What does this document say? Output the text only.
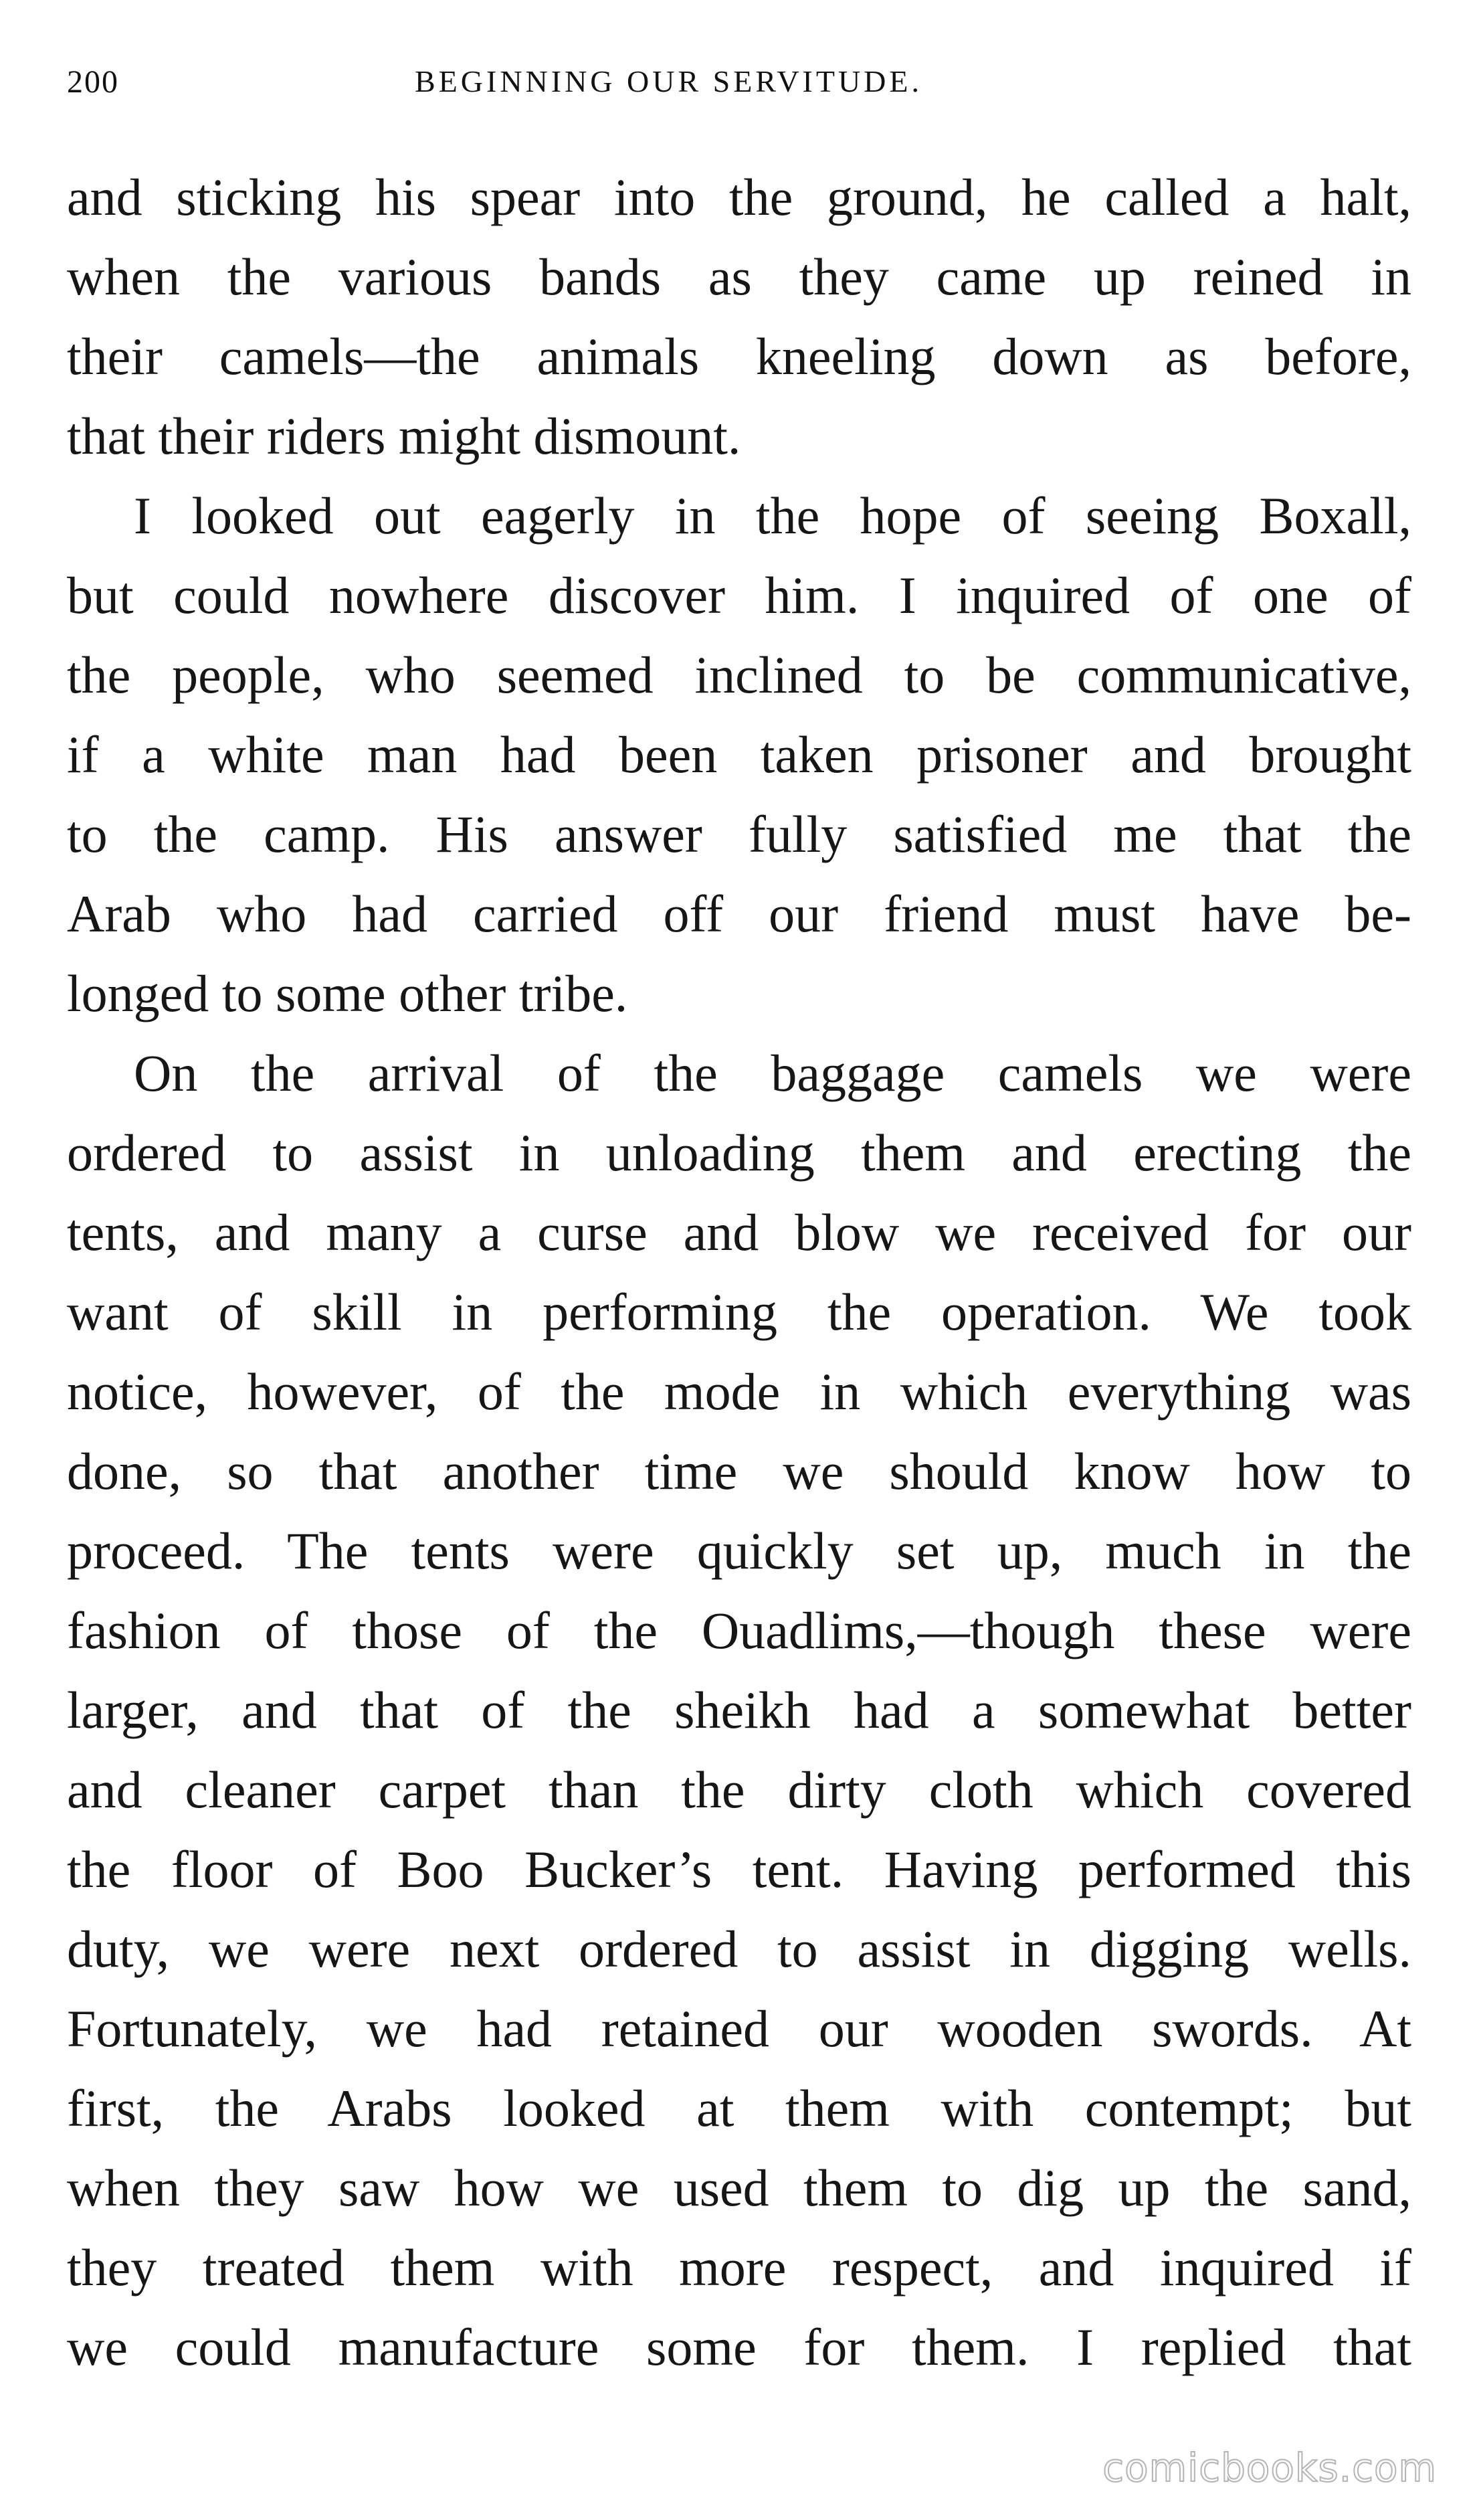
200	BEGINNING OUR SERVITUDE.
and sticking his spear into the ground, he called a halt,
when the various bands as they came up reined in
their camels—the animals kneeling down as before,
that their riders might dismount.
I looked out eagerly in the hope of seeing Boxall,
but could nowhere discover him. I inquired of one of
the people, who seemed inclined to be communicative,
if a white man had been taken prisoner and brought
to the camp. His answer fully satisfied me that the
Arab who had carried off our friend must have be-
longed to some other tribe.
On the arrival of the baggage camels we were
ordered to assist in unloading them and erecting the
tents, and many a curse and blow we received for our
want of skill in performing the operation. We took
notice, however, of the mode in which everything was
done, so that another time we should know how to
proceed. The tents were quickly set up, much in the
fashion of those of the Ouadlims,—though these were
larger, and that of the sheikh had a somewhat better
and cleaner carpet than the dirty cloth which covered
the floor of Boo Bucker’s tent. Having performed this
duty, we were next ordered to assist in digging wells.
Fortunately, we had retained our wooden swords. At
first, the Arabs looked at them with contempt; but
when they saw how we used them to dig up the sand,
they treated them with more respect, and inquired if
we could manufacture some for them. I replied that
comicbooks.com
